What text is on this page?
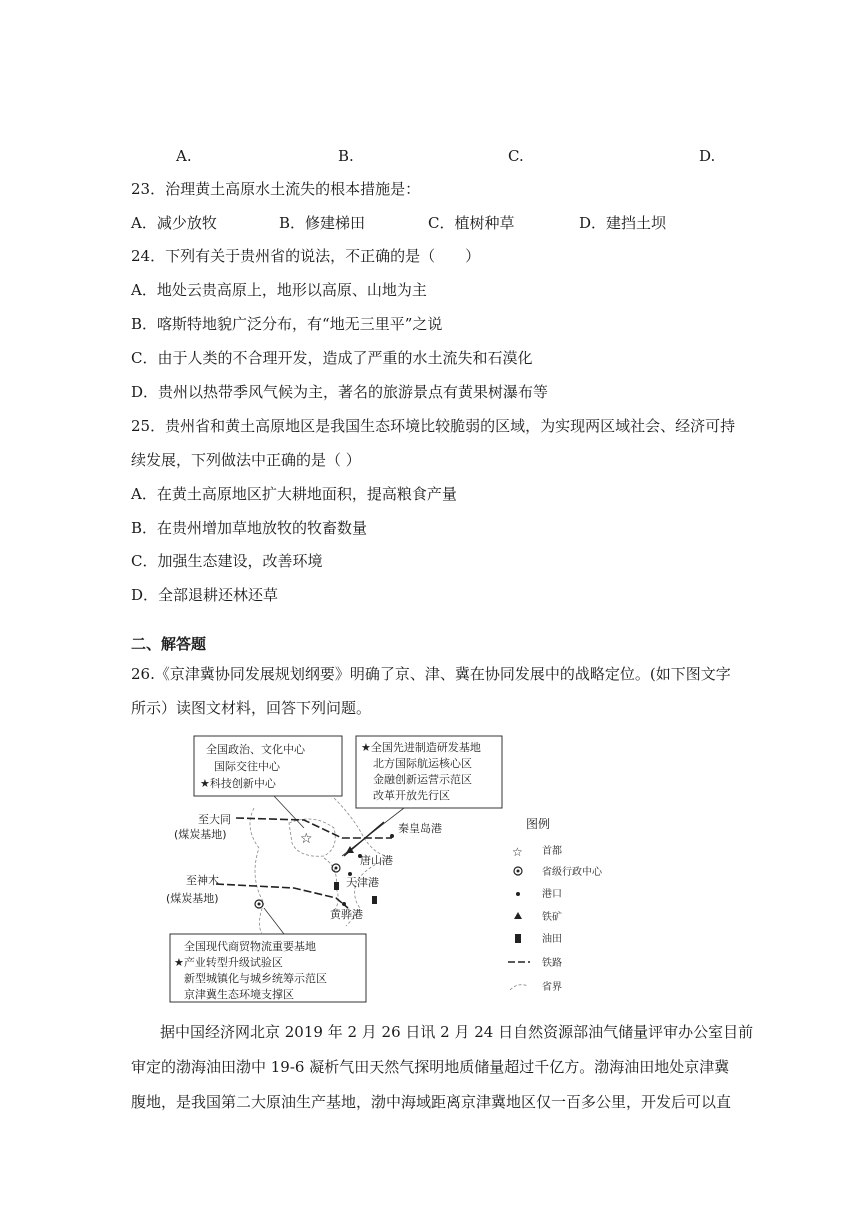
A.	B.	C.	D.
23．治理黄土高原水土流失的根本措施是：
A．减少放牧	B．修建梯田	C．植树种草	D．建挡土坝
24．下列有关于贵州省的说法，不正确的是（　　）
A．地处云贵高原上，地形以高原、山地为主
B．喀斯特地貌广泛分布，有“地无三里平”之说
C．由于人类的不合理开发，造成了严重的水土流失和石漠化
D．贵州以热带季风气候为主，著名的旅游景点有黄果树瀑布等
25．贵州省和黄土高原地区是我国生态环境比较脆弱的区域，为实现两区域社会、经济可持
续发展，下列做法中正确的是（ ）
A．在黄土高原地区扩大耕地面积，提高粮食产量
B．在贵州增加草地放牧的牧畜数量
C．加强生态建设，改善环境
D．全部退耕还林还草
二、解答题
26.《京津冀协同发展规划纲要》明确了京、津、冀在协同发展中的战略定位。(如下图文字
所示）读图文材料，回答下列问题。
全国政治、文化中心
国际交往中心
★科技创新中心
★全国先进制造研发基地
北方国际航运核心区
金融创新运营示范区
改革开放先行区
全国现代商贸物流重要基地
★产业转型升级试验区
新型城镇化与城乡统筹示范区
京津冀生态环境支撑区
☆
至大同
(煤炭基地)
至神木
(煤炭基地)
秦皇岛港
唐山港
天津港
黄骅港
图例
☆ 首都
省级行政中心
港口
铁矿
油田
铁路
省界
据中国经济网北京 2019 年 2 月 26 日讯 2 月 24 日自然资源部油气储量评审办公室目前
审定的渤海油田渤中 19-6 凝析气田天然气探明地质储量超过千亿方。渤海油田地处京津冀
腹地，是我国第二大原油生产基地，渤中海域距离京津冀地区仅一百多公里，开发后可以直
